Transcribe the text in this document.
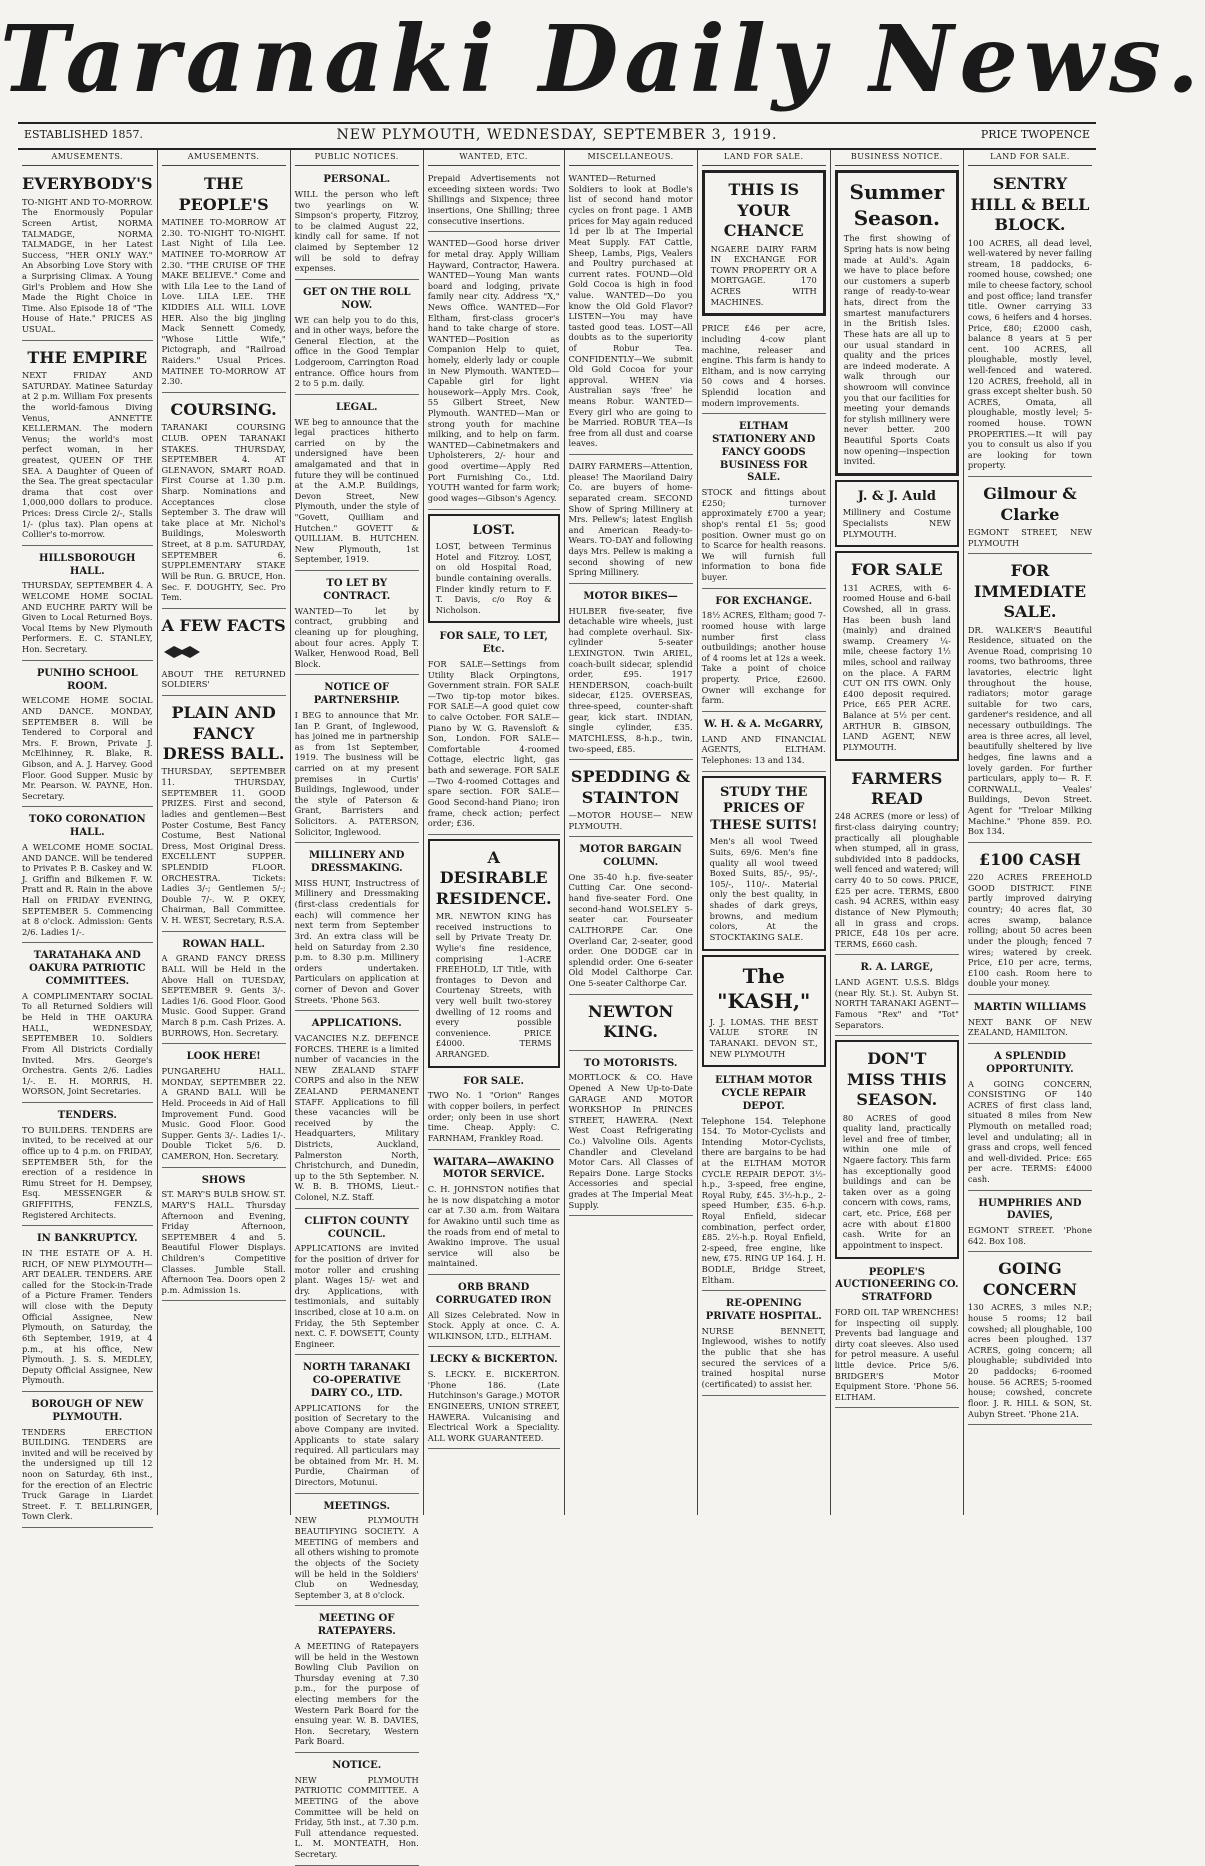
Taranaki Daily News.
ESTABLISHED 1857.	NEW PLYMOUTH, WEDNESDAY, SEPTEMBER 3, 1919.	PRICE TWOPENCE
AMUSEMENTS.
EVERYBODY'S
TO-NIGHT AND TO-MORROW. The Enormously Popular Screen Artist, NORMA TALMADGE, NORMA TALMADGE, in her Latest Success, "HER ONLY WAY." An Absorbing Love Story with a Surprising Climax. A Young Girl's Problem and How She Made the Right Choice in Time. Also Episode 18 of "The House of Hate." PRICES AS USUAL.
THE EMPIRE
NEXT FRIDAY AND SATURDAY. Matinee Saturday at 2 p.m. William Fox presents the world-famous Diving Venus, ANNETTE KELLERMAN. The modern Venus; the world's most perfect woman, in her greatest, QUEEN OF THE SEA. A Daughter of Queen of the Sea. The great spectacular drama that cost over 1,000,000 dollars to produce. Prices: Dress Circle 2/-, Stalls 1/- (plus tax). Plan opens at Collier's to-morrow.
HILLSBOROUGH HALL.
THURSDAY, SEPTEMBER 4. A WELCOME HOME SOCIAL AND EUCHRE PARTY Will be Given to Local Returned Boys. Vocal Items by New Plymouth Performers. E. C. STANLEY, Hon. Secretary.
PUNIHO SCHOOL ROOM.
WELCOME HOME SOCIAL AND DANCE. MONDAY, SEPTEMBER 8. Will be Tendered to Corporal and Mrs. F. Brown, Private J. McElhinney, R. Blake, R. Gibson, and A. J. Harvey. Good Floor. Good Supper. Music by Mr. Pearson. W. PAYNE, Hon. Secretary.
TOKO CORONATION HALL.
A WELCOME HOME SOCIAL AND DANCE. Will be tendered to Privates P. B. Caskey and W. J. Griffin and Bilkemen F. W. Pratt and R. Rain in the above Hall on FRIDAY EVENING, SEPTEMBER 5. Commencing at 8 o'clock. Admission: Gents 2/6. Ladies 1/-.
TARATAHAKA AND OAKURA PATRIOTIC COMMITTEES.
A COMPLIMENTARY SOCIAL To all Returned Soldiers will be Held in THE OAKURA HALL, WEDNESDAY, SEPTEMBER 10. Soldiers From All Districts Cordially Invited. Mrs. George's Orchestra. Gents 2/6. Ladies 1/-. E. H. MORRIS, H. WORSON, Joint Secretaries.
TENDERS.
TO BUILDERS. TENDERS are invited, to be received at our office up to 4 p.m. on FRIDAY, SEPTEMBER 5th, for the erection of a residence in Rimu Street for H. Dempsey, Esq. MESSENGER & GRIFFITHS, FENZLS, Registered Architects.
IN BANKRUPTCY.
IN THE ESTATE OF A. H. RICH, OF NEW PLYMOUTH—ART DEALER. TENDERS. ARE called for the Stock-in-Trade of a Picture Framer. Tenders will close with the Deputy Official Assignee, New Plymouth, on Saturday, the 6th September, 1919, at 4 p.m., at his office, New Plymouth. J. S. S. MEDLEY, Deputy Official Assignee, New Plymouth.
BOROUGH OF NEW PLYMOUTH.
TENDERS ERECTION BUILDING. TENDERS are invited and will be received by the undersigned up till 12 noon on Saturday, 6th inst., for the erection of an Electric Truck Garage in Liardet Street. F. T. BELLRINGER, Town Clerk.
AMUSEMENTS.
THE PEOPLE'S
MATINEE TO-MORROW AT 2.30. TO-NIGHT TO-NIGHT. Last Night of Lila Lee. MATINEE TO-MORROW AT 2.30. "THE CRUISE OF THE MAKE BELIEVE." Come and with Lila Lee to the Land of Love. LILA LEE. THE KIDDIES ALL WILL LOVE HER. Also the big jingling Mack Sennett Comedy, "Whose Little Wife," Pictograph, and "Railroad Raiders." Usual Prices. MATINEE TO-MORROW AT 2.30.
COURSING.
TARANAKI COURSING CLUB. OPEN TARANAKI STAKES. THURSDAY, SEPTEMBER 4. AT GLENAVON, SMART ROAD. First Course at 1.30 p.m. Sharp. Nominations and Acceptances close September 3. The draw will take place at Mr. Nichol's Buildings, Molesworth Street, at 8 p.m. SATURDAY, SEPTEMBER 6. SUPPLEMENTARY STAKE Will be Run. G. BRUCE, Hon. Sec. F. DOUGHTY, Sec. Pro Tem.
A FEW FACTS
ABOUT THE RETURNED SOLDIERS'
PLAIN AND FANCY DRESS BALL.
THURSDAY, SEPTEMBER 11. THURSDAY, SEPTEMBER 11. GOOD PRIZES. First and second, ladies and gentlemen—Best Poster Costume, Best Fancy Costume, Best National Dress, Most Original Dress. EXCELLENT SUPPER. SPLENDID FLOOR. ORCHESTRA. Tickets: Ladies 3/-; Gentlemen 5/-; Double 7/-. W. P. OKEY, Chairman, Ball Committee. V. H. WEST, Secretary, R.S.A.
ROWAN HALL.
A GRAND FANCY DRESS BALL Will be Held in the Above Hall on TUESDAY, SEPTEMBER 9. Gents 3/-. Ladies 1/6. Good Floor. Good Music. Good Supper. Grand March 8 p.m. Cash Prizes. A. BURROWS, Hon. Secretary.
LOOK HERE!
PUNGAREHU HALL. MONDAY, SEPTEMBER 22. A GRAND BALL Will be Held. Proceeds in Aid of Hall Improvement Fund. Good Music. Good Floor. Good Supper. Gents 3/-. Ladies 1/-. Double Ticket 5/6. D. CAMERON, Hon. Secretary.
SHOWS
ST. MARY'S BULB SHOW. ST. MARY'S HALL. Thursday Afternoon and Evening, Friday Afternoon, SEPTEMBER 4 and 5. Beautiful Flower Displays. Children's Competitive Classes. Jumble Stall. Afternoon Tea. Doors open 2 p.m. Admission 1s.
PUBLIC NOTICES.
PERSONAL.
WILL the person who left two yearlings on W. Simpson's property, Fitzroy, to be claimed August 22, kindly call for same. If not claimed by September 12 will be sold to defray expenses.
GET ON THE ROLL NOW.
WE can help you to do this, and in other ways, before the General Election, at the office in the Good Templar Lodgeroom, Carrington Road entrance. Office hours from 2 to 5 p.m. daily.
LEGAL.
WE beg to announce that the legal practices hitherto carried on by the undersigned have been amalgamated and that in future they will be continued at the A.M.P. Buildings, Devon Street, New Plymouth, under the style of "Govett, Quilliam and Hutchen." GOVETT & QUILLIAM. B. HUTCHEN. New Plymouth, 1st September, 1919.
TO LET BY CONTRACT.
WANTED—To let by contract, grubbing and cleaning up for ploughing, about four acres. Apply T. Walker, Henwood Road, Bell Block.
NOTICE OF PARTNERSHIP.
I BEG to announce that Mr. Ian P. Grant, of Inglewood, has joined me in partnership as from 1st September, 1919. The business will be carried on at my present premises in Curtis' Buildings, Inglewood, under the style of Paterson & Grant, Barristers and Solicitors. A. PATERSON, Solicitor, Inglewood.
MILLINERY AND DRESSMAKING.
MISS HUNT, Instructress of Millinery and Dressmaking (first-class credentials for each) will commence her next term from September 3rd. An extra class will be held on Saturday from 2.30 p.m. to 8.30 p.m. Millinery orders undertaken. Particulars on application at corner of Devon and Gover Streets. 'Phone 563.
APPLICATIONS.
VACANCIES N.Z. DEFENCE FORCES. THERE is a limited number of vacancies in the NEW ZEALAND STAFF CORPS and also in the NEW ZEALAND PERMANENT STAFF. Applications to fill these vacancies will be received by the Headquarters, Military Districts, Auckland, Palmerston North, Christchurch, and Dunedin, up to the 5th September. N. W. B. B. THOMS, Lieut.-Colonel, N.Z. Staff.
CLIFTON COUNTY COUNCIL.
APPLICATIONS are invited for the position of driver for motor roller and crushing plant. Wages 15/- wet and dry. Applications, with testimonials, and suitably inscribed, close at 10 a.m. on Friday, the 5th September next. C. F. DOWSETT, County Engineer.
NORTH TARANAKI CO-OPERATIVE DAIRY CO., LTD.
APPLICATIONS for the position of Secretary to the above Company are invited. Applicants to state salary required. All particulars may be obtained from Mr. H. M. Purdie, Chairman of Directors, Motunui.
MEETINGS.
NEW PLYMOUTH BEAUTIFYING SOCIETY. A MEETING of members and all others wishing to promote the objects of the Society will be held in the Soldiers' Club on Wednesday, September 3, at 8 o'clock.
MEETING OF RATEPAYERS.
A MEETING of Ratepayers will be held in the Westown Bowling Club Pavilion on Thursday evening at 7.30 p.m., for the purpose of electing members for the Western Park Board for the ensuing year. W. B. DAVIES, Hon. Secretary, Western Park Board.
NOTICE.
NEW PLYMOUTH PATRIOTIC COMMITTEE. A MEETING of the above Committee will be held on Friday, 5th inst., at 7.30 p.m. Full attendance requested. L. M. MONTEATH, Hon. Secretary.
WANTED, ETC.
Prepaid Advertisements not exceeding sixteen words: Two Shillings and Sixpence; three insertions, One Shilling; three consecutive insertions.
WANTED—Good horse driver for metal dray. Apply William Hayward, Contractor, Hawera. WANTED—Young Man wants board and lodging, private family near city. Address "X," News Office. WANTED—For Eltham, first-class grocer's hand to take charge of store. WANTED—Position as Companion Help to quiet, homely, elderly lady or couple in New Plymouth. WANTED—Capable girl for light housework—Apply Mrs. Cook, 55 Gilbert Street, New Plymouth. WANTED—Man or strong youth for machine milking, and to help on farm. WANTED—Cabinetmakers and Upholsterers, 2/- hour and good overtime—Apply Red Port Furnishing Co., Ltd. YOUTH wanted for farm work; good wages—Gibson's Agency.
LOST.
LOST, between Terminus Hotel and Fitzroy. LOST, on old Hospital Road, bundle containing overalls. Finder kindly return to F. T. Davis, c/o Roy & Nicholson.
FOR SALE, TO LET, Etc.
FOR SALE—Settings from Utility Black Orpingtons, Government strain. FOR SALE—Two tip-top motor bikes. FOR SALE—A good quiet cow to calve October. FOR SALE—Piano by W. G. Ravensloft & Son, London. FOR SALE—Comfortable 4-roomed Cottage, electric light, gas bath and sewerage. FOR SALE—Two 4-roomed Cottages and spare section. FOR SALE—Good Second-hand Piano; iron frame, check action; perfect order; £36.
A DESIRABLE RESIDENCE.
MR. NEWTON KING has received instructions to sell by Private Treaty Dr. Wylie's fine residence, comprising 1-ACRE FREEHOLD, LT Title, with frontages to Devon and Courtenay Streets, with very well built two-storey dwelling of 12 rooms and every possible convenience. PRICE £4000. TERMS ARRANGED.
FOR SALE.
TWO No. 1 "Orion" Ranges with copper boilers, in perfect order; only been in use short time. Cheap. Apply: C. FARNHAM, Frankley Road.
WAITARA—AWAKINO MOTOR SERVICE.
C. H. JOHNSTON notifies that he is now dispatching a motor car at 7.30 a.m. from Waitara for Awakino until such time as the roads from end of metal to Awakino improve. The usual service will also be maintained.
ORB BRAND CORRUGATED IRON
All Sizes Celebrated. Now in Stock. Apply at once. C. A. WILKINSON, LTD., ELTHAM.
LECKY & BICKERTON.
S. LECKY. E. BICKERTON. 'Phone 186. (Late Hutchinson's Garage.) MOTOR ENGINEERS, UNION STREET, HAWERA. Vulcanising and Electrical Work a Speciality. ALL WORK GUARANTEED.
MISCELLANEOUS.
WANTED—Returned Soldiers to look at Bodle's list of second hand motor cycles on front page. 1 AMB prices for May again reduced 1d per lb at The Imperial Meat Supply. FAT Cattle, Sheep, Lambs, Pigs, Vealers and Poultry purchased at current rates. FOUND—Old Gold Cocoa is high in food value. WANTED—Do you know the Old Gold Flavor? LISTEN—You may have tasted good teas. LOST—All doubts as to the superiority of Robur Tea. CONFIDENTLY—We submit Old Gold Cocoa for your approval. WHEN via Australian says 'free' he means Robur. WANTED—Every girl who are going to be Married. ROBUR TEA—Is free from all dust and coarse leaves.
DAIRY FARMERS—Attention, please! The Maoriland Dairy Co. are buyers of home-separated cream. SECOND Show of Spring Millinery at Mrs. Pellew's; latest English and American Ready-to-Wears. TO-DAY and following days Mrs. Pellew is making a second showing of new Spring Millinery.
MOTOR BIKES—
HULBER five-seater, five detachable wire wheels, just had complete overhaul. Six-cylinder 5-seater LEXINGTON. Twin ARIEL, coach-built sidecar, splendid order, £95. 1917 HENDERSON, coach-built sidecar, £125. OVERSEAS, three-speed, counter-shaft gear, kick start. INDIAN, single cylinder, £35. MATCHLESS, 8-h.p., twin, two-speed, £85.
SPEDDING & STAINTON
—MOTOR HOUSE— NEW PLYMOUTH.
MOTOR BARGAIN COLUMN.
One 35-40 h.p. five-seater Cutting Car. One second-hand five-seater Ford. One second-hand WOLSELEY 5-seater car. Fourseater CALTHORPE Car. One Overland Car, 2-seater, good order. One DODGE car in splendid order. One 6-seater Old Model Calthorpe Car. One 5-seater Calthorpe Car.
NEWTON KING.
TO MOTORISTS.
MORTLOCK & CO. Have Opened A New Up-to-Date GARAGE AND MOTOR WORKSHOP In PRINCES STREET, HAWERA. (Next West Coast Refrigerating Co.) Valvoline Oils. Agents Chandler and Cleveland Motor Cars. All Classes of Repairs Done. Large Stocks Accessories and special grades at The Imperial Meat Supply.
LAND FOR SALE.
THIS IS YOUR CHANCE
NGAERE DAIRY FARM IN EXCHANGE FOR TOWN PROPERTY OR A MORTGAGE. 170 ACRES WITH MACHINES.
PRICE £46 per acre, including 4-cow plant machine, releaser and engine. This farm is handy to Eltham, and is now carrying 50 cows and 4 horses. Splendid location and modern improvements.
ELTHAM STATIONERY AND FANCY GOODS BUSINESS FOR SALE.
STOCK and fittings about £250; turnover approximately £700 a year; shop's rental £1 5s; good position. Owner must go on to Scarce for health reasons. We will furnish full information to bona fide buyer.
FOR EXCHANGE.
18½ ACRES, Eltham; good 7-roomed house with large number first class outbuildings; another house of 4 rooms let at 12s a week. Take a point of choice property. Price, £2600. Owner will exchange for farm.
W. H. & A. McGARRY,
LAND AND FINANCIAL AGENTS, ELTHAM. Telephones: 13 and 134.
STUDY THE PRICES OF THESE SUITS!
Men's all wool Tweed Suits, 69/6. Men's fine quality all wool tweed Boxed Suits, 85/-, 95/-, 105/-, 110/-. Material only the best quality, in shades of dark greys, browns, and medium colors, At the STOCKTAKING SALE.
The "KASH,"
J. J. LOMAS. THE BEST VALUE STORE IN TARANAKI. DEVON ST., NEW PLYMOUTH
ELTHAM MOTOR CYCLE REPAIR DEPOT.
Telephone 154. Telephone 154. To Motor-Cyclists and Intending Motor-Cyclists, there are bargains to be had at the ELTHAM MOTOR CYCLE REPAIR DEPOT. 3½-h.p., 3-speed, free engine, Royal Ruby, £45. 3½-h.p., 2-speed Humber, £35. 6-h.p. Royal Enfield, sidecar combination, perfect order, £85. 2½-h.p. Royal Enfield, 2-speed, free engine, like new, £75. RING UP 164. J. H. BODLE, Bridge Street, Eltham.
RE-OPENING PRIVATE HOSPITAL.
NURSE BENNETT, Inglewood, wishes to notify the public that she has secured the services of a trained hospital nurse (certificated) to assist her.
BUSINESS NOTICE.
Summer Season.
The first showing of Spring hats is now being made at Auld's. Again we have to place before our customers a superb range of ready-to-wear hats, direct from the smartest manufacturers in the British Isles. These hats are all up to our usual standard in quality and the prices are indeed moderate. A walk through our showroom will convince you that our facilities for meeting your demands for stylish millinery were never better. 200 Beautiful Sports Coats now opening—inspection invited.
J. & J. Auld
Millinery and Costume Specialists NEW PLYMOUTH.
FOR SALE
131 ACRES, with 6-roomed House and 6-bail Cowshed, all in grass. Has been bush land (mainly) and drained swamp. Creamery ¼-mile, cheese factory 1½ miles, school and railway on the place. A FARM CUT ON ITS OWN. Only £400 deposit required. Price, £65 PER ACRE. Balance at 5½ per cent. ARTHUR B. GIBSON, LAND AGENT, NEW PLYMOUTH.
FARMERS READ
248 ACRES (more or less) of first-class dairying country; practically all ploughable when stumped, all in grass, subdivided into 8 paddocks, well fenced and watered; will carry 40 to 50 cows. PRICE, £25 per acre. TERMS, £800 cash. 94 ACRES, within easy distance of New Plymouth; all in grass and crops. PRICE, £48 10s per acre. TERMS, £660 cash.
R. A. LARGE,
LAND AGENT. U.S.S. Bldgs (near Rly. St.). St. Aubyn St. NORTH TARANAKI AGENT— Famous "Rex" and "Tot" Separators.
DON'T MISS THIS SEASON.
80 ACRES of good quality land, practically level and free of timber, within one mile of Ngaere factory. This farm has exceptionally good buildings and can be taken over as a going concern with cows, rams, cart, etc. Price, £68 per acre with about £1800 cash. Write for an appointment to inspect.
PEOPLE'S AUCTIONEERING CO. STRATFORD
FORD OIL TAP WRENCHES! for inspecting oil supply. Prevents bad language and dirty coat sleeves. Also used for petrol measure. A useful little device. Price 5/6. BRIDGER'S Motor Equipment Store. 'Phone 56. ELTHAM.
LAND FOR SALE.
SENTRY HILL & BELL BLOCK.
100 ACRES, all dead level, well-watered by never failing stream, 18 paddocks, 6-roomed house, cowshed; one mile to cheese factory, school and post office; land transfer title. Owner carrying 33 cows, 6 heifers and 4 horses. Price, £80; £2000 cash, balance 8 years at 5 per cent. 100 ACRES, all ploughable, mostly level, well-fenced and watered. 120 ACRES, freehold, all in grass except shelter bush. 50 ACRES, Omata, all ploughable, mostly level; 5-roomed house. TOWN PROPERTIES.—It will pay you to consult us also if you are looking for town property.
Gilmour & Clarke
EGMONT STREET, NEW PLYMOUTH
FOR IMMEDIATE SALE.
DR. WALKER'S Beautiful Residence, situated on the Avenue Road, comprising 10 rooms, two bathrooms, three lavatories, electric light throughout the house, radiators; motor garage suitable for two cars, gardener's residence, and all necessary outbuildings. The area is three acres, all level, beautifully sheltered by live hedges, fine lawns and a lovely garden. For further particulars, apply to— R. F. CORNWALL, Veales' Buildings, Devon Street. Agent for "Treloar Milking Machine." 'Phone 859. P.O. Box 134.
£100 CASH
220 ACRES FREEHOLD GOOD DISTRICT. FINE partly improved dairying country; 40 acres flat, 30 acres swamp, balance rolling; about 50 acres been under the plough; fenced 7 wires; watered by creek. Price, £10 per acre, terms, £100 cash. Room here to double your money.
MARTIN WILLIAMS
NEXT BANK OF NEW ZEALAND, HAMILTON.
A SPLENDID OPPORTUNITY.
A GOING CONCERN, CONSISTING OF 140 ACRES of first class land, situated 8 miles from New Plymouth on metalled road; level and undulating; all in grass and crops, well fenced and well-divided. Price: £65 per acre. TERMS: £4000 cash.
HUMPHRIES AND DAVIES,
EGMONT STREET. 'Phone 642. Box 108.
GOING CONCERN
130 ACRES, 3 miles N.P.; house 5 rooms; 12 bail cowshed; all ploughable, 100 acres been ploughed. 137 ACRES, going concern; all ploughable; subdivided into 20 paddocks; 6-roomed house. 56 ACRES; 5-roomed house; cowshed, concrete floor. J. R. HILL & SON, St. Aubyn Street. 'Phone 21A.
